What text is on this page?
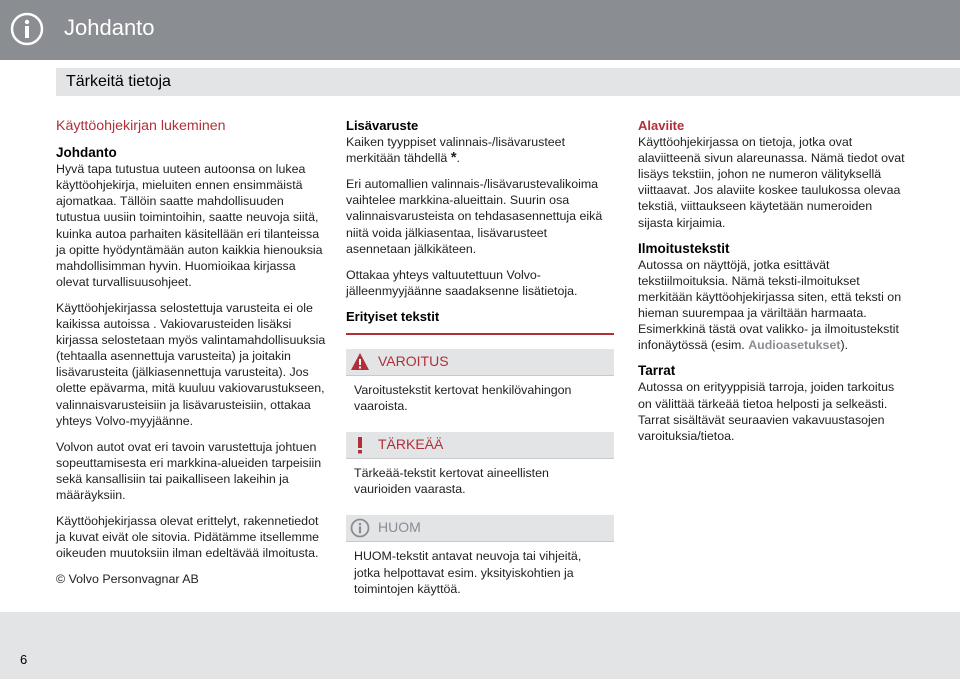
Johdanto
Tärkeitä tietoja
Käyttöohjekirjan lukeminen
Johdanto

Hyvä tapa tutustua uuteen autoonsa on lukea käyttöohjekirja, mieluiten ennen ensimmäistä ajomatkaa. Tällöin saatte mahdollisuuden tutustua uusiin toimintoihin, saatte neuvoja siitä, kuinka autoa parhaiten käsitellään eri tilanteissa ja opitte hyödyntämään auton kaikkia hienouksia mahdollisimman hyvin. Huomioikaa kirjassa olevat turvallisuusohjeet.

Käyttöohjekirjassa selostettuja varusteita ei ole kaikissa autoissa . Vakiovarusteiden lisäksi kirjassa selostetaan myös valintamahdollisuuksia (tehtaalla asennettuja varusteita) ja joitakin lisävarusteita (jälkiasennettuja varusteita). Jos olette epävarma, mitä kuuluu vakiovarustukseen, valinnaisvarusteisiin ja lisävarusteisiin, ottakaa yhteys Volvo-myyjäänne.

Volvon autot ovat eri tavoin varustettuja johtuen sopeuttamisesta eri markkina-alueiden tarpeisiin sekä kansallisiin tai paikalliseen lakeihin ja määräyksiin.

Käyttöohjekirjassa olevat erittelyt, rakennetiedot ja kuvat eivät ole sitovia. Pidätämme itsellemme oikeuden muutoksiin ilman edeltävää ilmoitusta.

© Volvo Personvagnar AB

Lisävaruste

Kaiken tyyppiset valinnais-/lisävarusteet merkitään tähdellä *.

Eri automallien valinnais-/lisävarustevalikoima vaihtelee markkina-alueittain. Suurin osa valinnaisvarusteista on tehdasasennettuja eikä niitä voida jälkiasentaa, lisävarusteet asennetaan jälkikäteen.

Ottakaa yhteys valtuutettuun Volvo-jälleenmyyjäänne saadaksenne lisätietoja.

Erityiset tekstit
VAROITUS
Varoitustekstit kertovat henkilövahingon vaaroista.
TÄRKEÄÄ
Tärkeää-tekstit kertovat aineellisten vaurioiden vaarasta.
HUOM
HUOM-tekstit antavat neuvoja tai vihjeitä, jotka helpottavat esim. yksityiskohtien ja toimintojen käyttöä.
Alaviite

Käyttöohjekirjassa on tietoja, jotka ovat alaviitteenä sivun alareunassa. Nämä tiedot ovat lisäys tekstiin, johon ne numeron välityksellä viittaavat. Jos alaviite koskee taulukossa olevaa tekstiä, viittaukseen käytetään numeroiden sijasta kirjaimia.

Ilmoitustekstit

Autossa on näyttöjä, jotka esittävät tekstiilmoituksia. Nämä teksti-ilmoitukset merkitään käyttöohjekirjassa siten, että teksti on hieman suurempaa ja väriltään harmaata. Esimerkkinä tästä ovat valikko- ja ilmoitustekstit infonäytössä (esim. Audioasetukset).

Tarrat

Autossa on erityyppisiä tarroja, joiden tarkoitus on välittää tärkeää tietoa helposti ja selkeästi. Tarrat sisältävät seuraavien vakavuustasojen varoituksia/tietoa.

6
